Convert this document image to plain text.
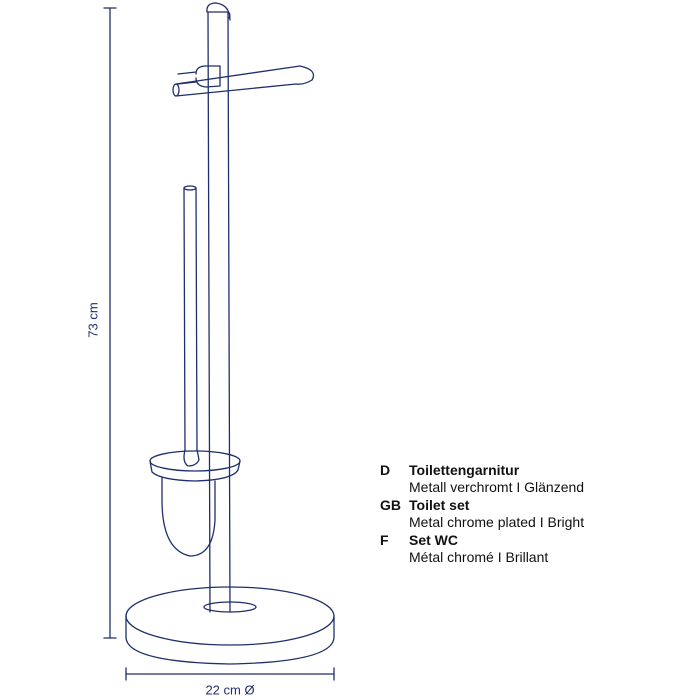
73 cm
22 cm Ø
D	Toilettengarnitur
Metall verchromt I Glänzend
GB Toilet set
Metal chrome plated I Bright
F	Set WC
Métal chromé I Brillant
